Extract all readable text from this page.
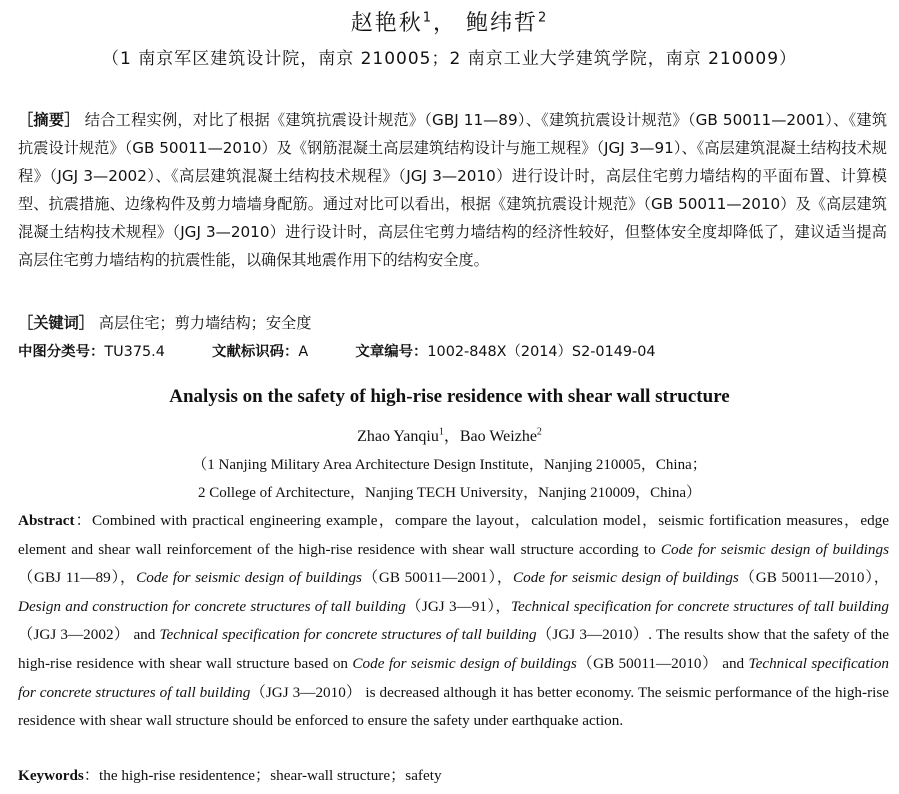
赵艳秋$^1$， 鲍纬哲$^2$
（1 南京军区建筑设计院，南京 210005；2 南京工业大学建筑学院，南京 210009）
［摘要］ 结合工程实例，对比了根据《建筑抗震设计规范》（GBJ 11—89）、《建筑抗震设计规范》（GB 50011—2001）、《建筑抗震设计规范》（GB 50011—2010）及《钢筋混凝土高层建筑结构设计与施工规程》（JGJ 3—91）、《高层建筑混凝土结构技术规程》（JGJ 3—2002）、《高层建筑混凝土结构技术规程》（JGJ 3—2010）进行设计时，高层住宅剪力墙结构的平面布置、计算模型、抗震措施、边缘构件及剪力墙墙身配筋。通过对比可以看出，根据《建筑抗震设计规范》（GB 50011—2010）及《高层建筑混凝土结构技术规程》（JGJ 3—2010）进行设计时，高层住宅剪力墙结构的经济性较好，但整体安全度却降低了，建议适当提高高层住宅剪力墙结构的抗震性能，以确保其地震作用下的结构安全度。
［关键词］ 高层住宅；剪力墙结构；安全度
中图分类号：TU375.4	文献标识码：A	文章编号：1002-848X（2014）S2-0149-04
Analysis on the safety of high-rise residence with shear wall structure
Zhao Yanqiu$^1$，Bao Weizhe$^2$
（1 Nanjing Military Area Architecture Design Institute，Nanjing 210005，China；
2 College of Architecture，Nanjing TECH University，Nanjing 210009，China）
Abstract：Combined with practical engineering example，compare the layout，calculation model，seismic fortification measures，edge element and shear wall reinforcement of the high-rise residence with shear wall structure according to Code for seismic design of buildings（GBJ 11—89），Code for seismic design of buildings（GB 50011—2001），Code for seismic design of buildings（GB 50011—2010），Design and construction for concrete structures of tall building（JGJ 3—91），Technical specification for concrete structures of tall building（JGJ 3—2002） and Technical specification for concrete structures of tall building（JGJ 3—2010）. The results show that the safety of the high-rise residence with shear wall structure based on Code for seismic design of buildings（GB 50011—2010） and Technical specification for concrete structures of tall building（JGJ 3—2010） is decreased although it has better economy. The seismic performance of the high-rise residence with shear wall structure should be enforced to ensure the safety under earthquake action.
Keywords：the high-rise residentence；shear-wall structure；safety
